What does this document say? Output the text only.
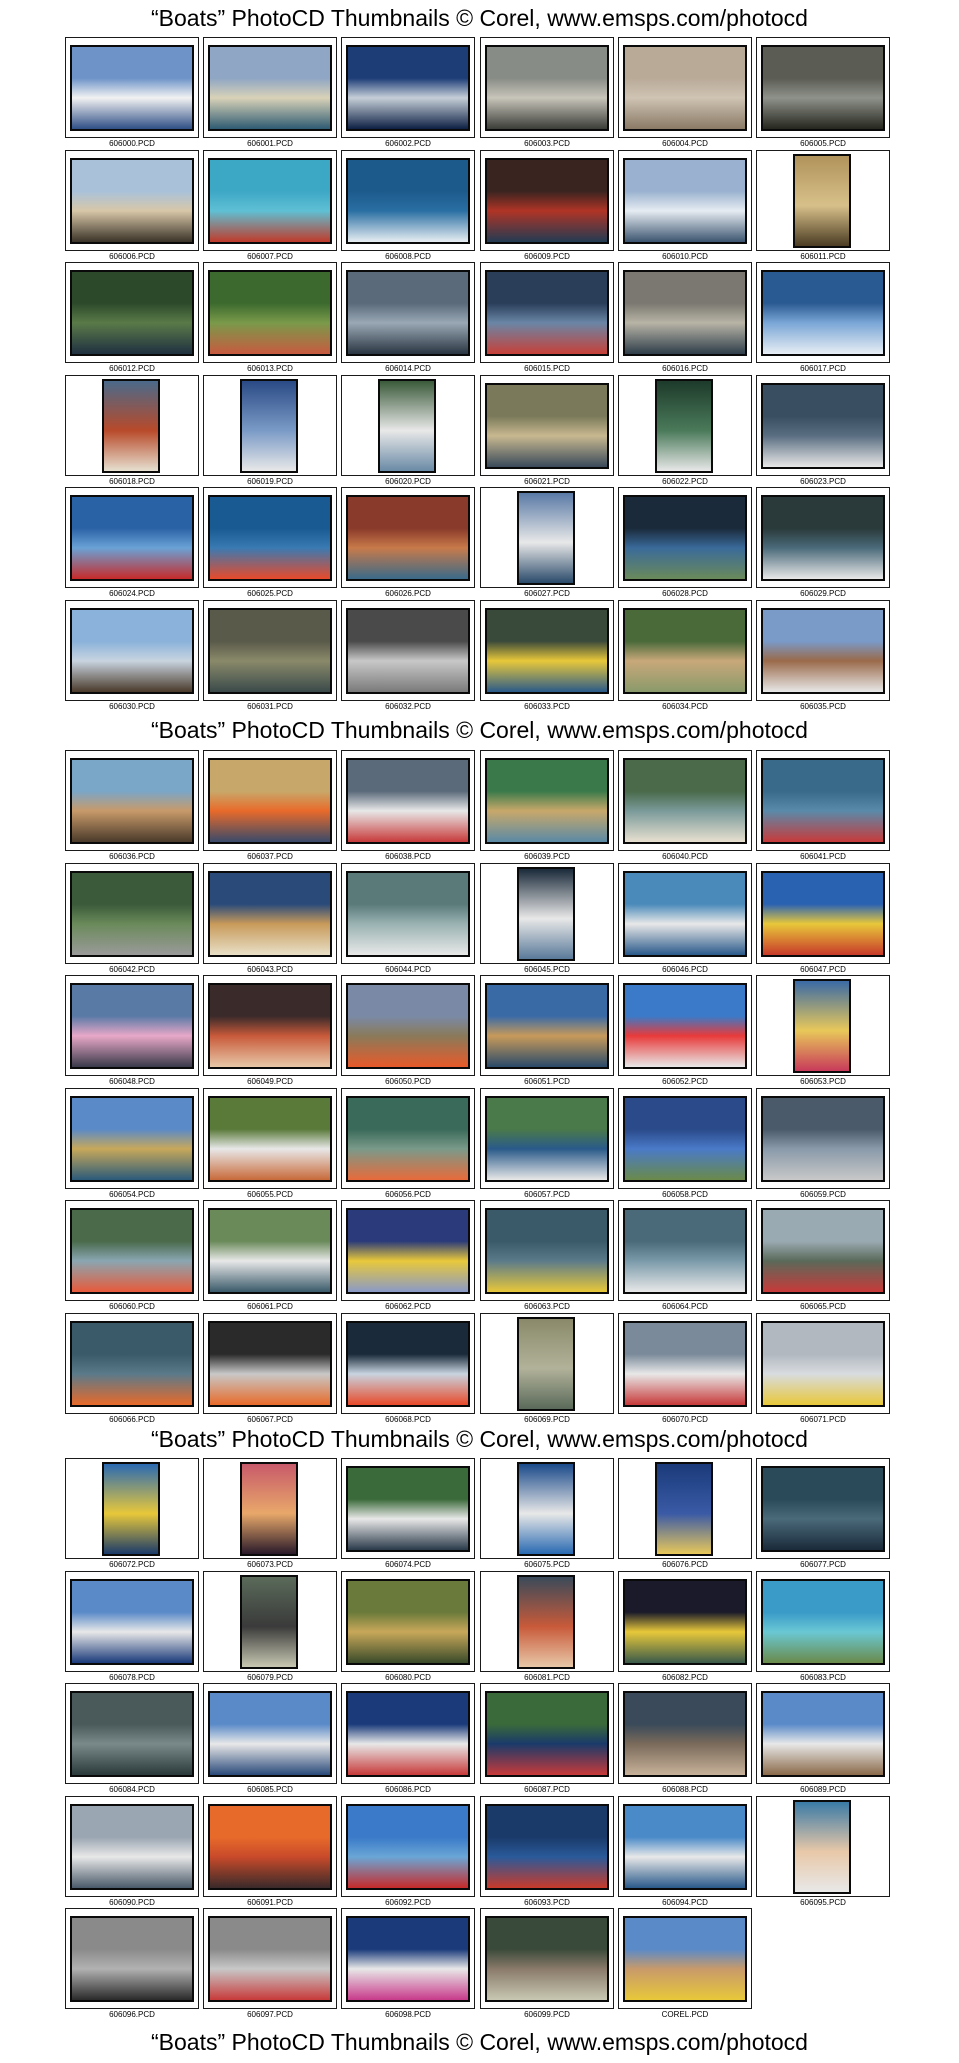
“Boats” PhotoCD Thumbnails © Corel, www.emsps.com/photocd
606000.PCD	606001.PCD	606002.PCD	606003.PCD	606004.PCD	606005.PCD
606006.PCD	606007.PCD	606008.PCD	606009.PCD	606010.PCD	606011.PCD
606012.PCD	606013.PCD	606014.PCD	606015.PCD	606016.PCD	606017.PCD
606018.PCD	606019.PCD	606020.PCD	606021.PCD	606022.PCD	606023.PCD
606024.PCD	606025.PCD	606026.PCD	606027.PCD	606028.PCD	606029.PCD
606030.PCD	606031.PCD	606032.PCD	606033.PCD	606034.PCD	606035.PCD
“Boats” PhotoCD Thumbnails © Corel, www.emsps.com/photocd
606036.PCD	606037.PCD	606038.PCD	606039.PCD	606040.PCD	606041.PCD
606042.PCD	606043.PCD	606044.PCD	606045.PCD	606046.PCD	606047.PCD
606048.PCD	606049.PCD	606050.PCD	606051.PCD	606052.PCD	606053.PCD
606054.PCD	606055.PCD	606056.PCD	606057.PCD	606058.PCD	606059.PCD
606060.PCD	606061.PCD	606062.PCD	606063.PCD	606064.PCD	606065.PCD
606066.PCD	606067.PCD	606068.PCD	606069.PCD	606070.PCD	606071.PCD
“Boats” PhotoCD Thumbnails © Corel, www.emsps.com/photocd
606072.PCD	606073.PCD	606074.PCD	606075.PCD	606076.PCD	606077.PCD
606078.PCD	606079.PCD	606080.PCD	606081.PCD	606082.PCD	606083.PCD
606084.PCD	606085.PCD	606086.PCD	606087.PCD	606088.PCD	606089.PCD
606090.PCD	606091.PCD	606092.PCD	606093.PCD	606094.PCD	606095.PCD
606096.PCD	606097.PCD	606098.PCD	606099.PCD	COREL.PCD
“Boats” PhotoCD Thumbnails © Corel, www.emsps.com/photocd
